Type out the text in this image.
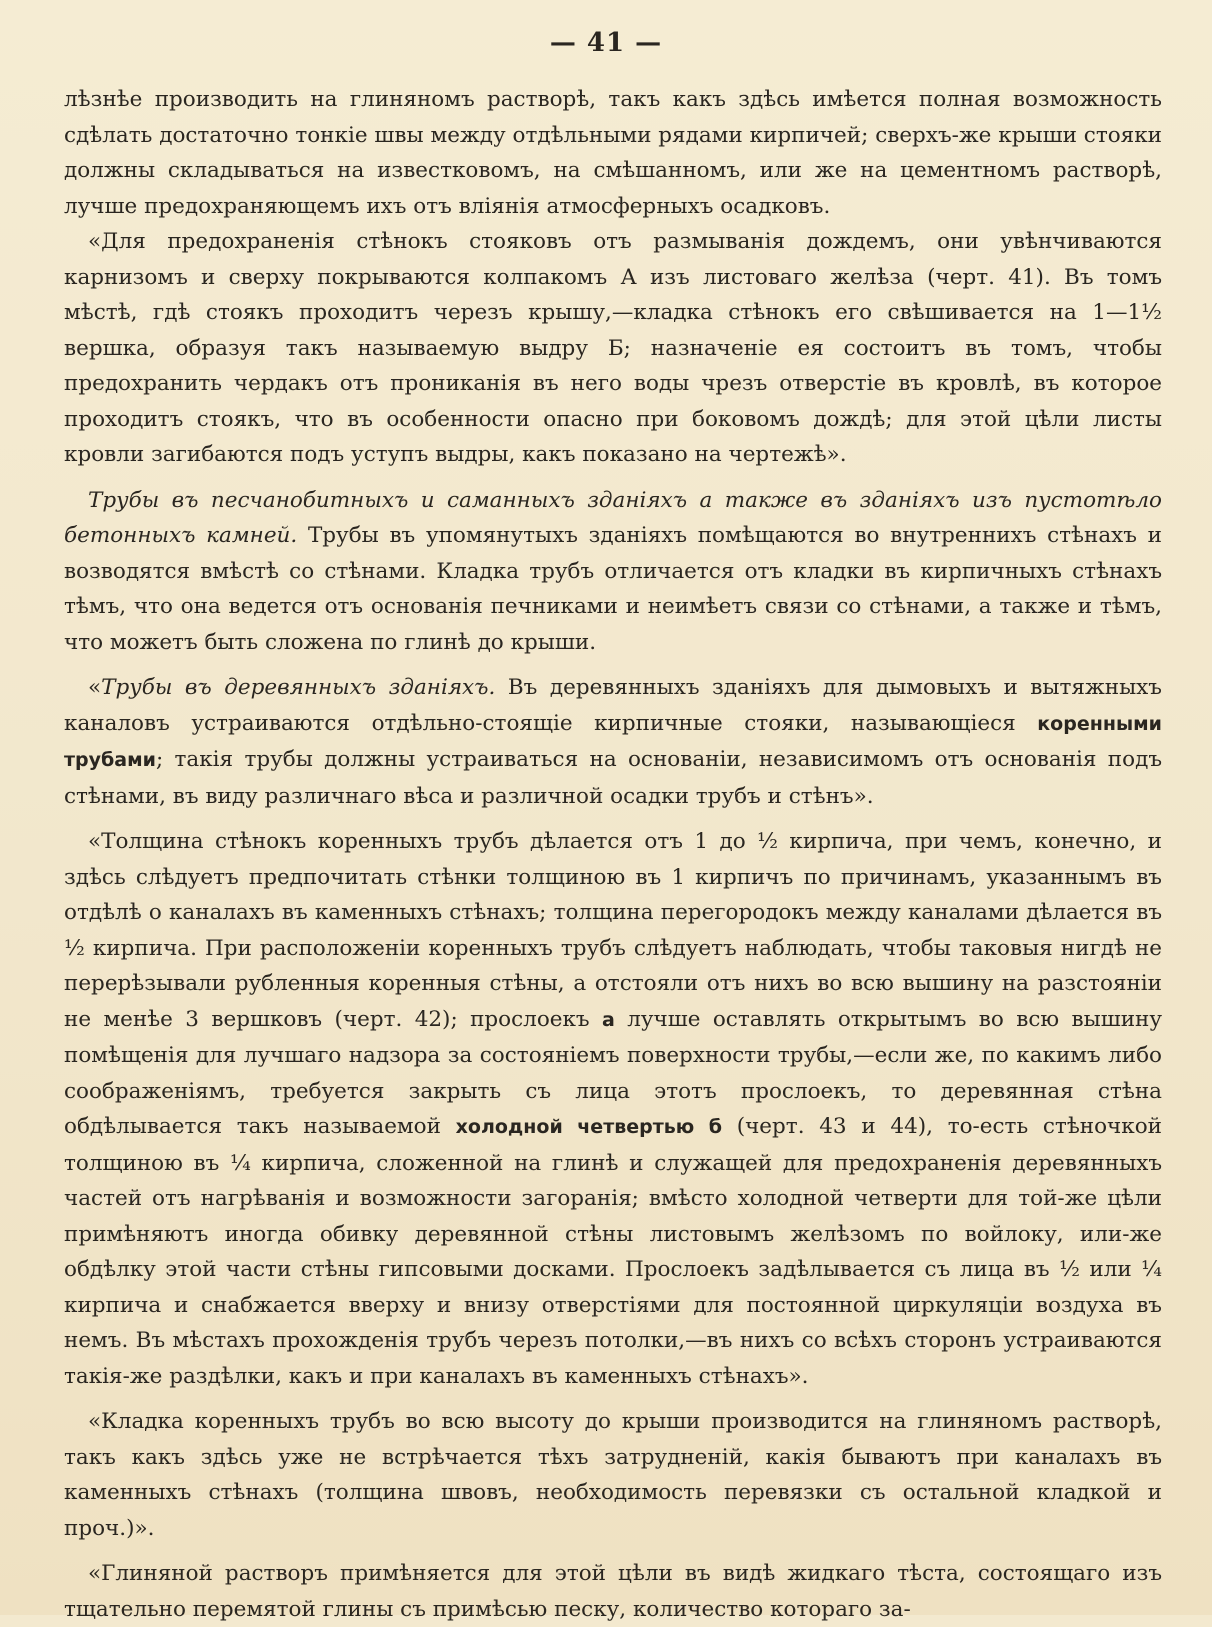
— 41 —

лѣзнѣе производить на глиняномъ растворѣ, такъ какъ здѣсь имѣется полная возможность сдѣлать достаточно тонкіе швы между отдѣльными рядами кирпичей; сверхъ-же крыши стояки должны складываться на известковомъ, на смѣшанномъ, или же на цементномъ растворѣ, лучше предохраняющемъ ихъ отъ вліянія атмосферныхъ осадковъ.

«Для предохраненія стѣнокъ стояковъ отъ размыванія дождемъ, они увѣнчиваются карнизомъ и сверху покрываются колпакомъ А изъ листоваго желѣза (черт. 41). Въ томъ мѣстѣ, гдѣ стоякъ проходитъ черезъ крышу,—кладка стѣнокъ его свѣшивается на 1—1½ вершка, образуя такъ называемую выдру Б; назначеніе ея состоитъ въ томъ, чтобы предохранить чердакъ отъ проникaнія въ него воды чрезъ отверстіе въ кровлѣ, въ которое проходитъ стоякъ, что въ особенности опасно при боковомъ дождѣ; для этой цѣли листы кровли загибаются подъ уступъ выдры, какъ показано на чертежѣ».

Трубы въ песчанобитныхъ и саманныхъ зданіяхъ а также въ зданіяхъ изъ пустотѣло бетонныхъ камней. Трубы въ упомянутыхъ зданіяхъ помѣщаются во внутреннихъ стѣнахъ и возводятся вмѣстѣ со стѣнами. Кладка трубъ отличается отъ кладки въ кирпичныхъ стѣнахъ тѣмъ, что она ведется отъ основанія печниками и неимѣетъ связи со стѣнами, а также и тѣмъ, что можетъ быть сложена по глинѣ до крыши.

«Трубы въ деревянныхъ зданіяхъ. Въ деревянныхъ зданіяхъ для дымовыхъ и вытяжныхъ каналовъ устраиваются отдѣльно-стоящіе кирпичные стояки, называющіеся коренными трубами; такія трубы должны устраиваться на основаніи, независимомъ отъ основанія подъ стѣнами, въ виду различнаго вѣса и различной осадки трубъ и стѣнъ».

«Толщина стѣнокъ коренныхъ трубъ дѣлается отъ 1 до ½ кирпича, при чемъ, конечно, и здѣсь слѣдуетъ предпочитать стѣнки толщиною въ 1 кирпичъ по причинамъ, указаннымъ въ отдѣлѣ о каналахъ въ каменныхъ стѣнахъ; толщина перегородокъ между каналами дѣлается въ ½ кирпича. При расположеніи коренныхъ трубъ слѣдуетъ наблюдать, чтобы таковыя нигдѣ не перерѣзывали рубленныя коренныя стѣны, а отстояли отъ нихъ во всю вышину на разстояніи не менѣе 3 вершковъ (черт. 42); прослоекъ а лучше оставлять открытымъ во всю вышину помѣщенія для лучшаго надзора за состояніемъ поверхности трубы,—если же, по какимъ либо соображеніямъ, требуется закрыть съ лица этотъ прослоекъ, то деревянная стѣна обдѣлывается такъ называемой холодной четвертью б (черт. 43 и 44), то-есть стѣночкой толщиною въ ¼ кирпича, сложенной на глинѣ и служащей для предохраненія деревянныхъ частей отъ нагрѣванія и возможности загоранія; вмѣсто холодной четверти для той-же цѣли примѣняютъ иногда обивку деревянной стѣны листовымъ желѣзомъ по войлоку, или-же обдѣлку этой части стѣны гипсовыми досками. Прослоекъ задѣлывается съ лица въ ½ или ¼ кирпича и снабжается вверху и внизу отверстіями для постоянной циркуляціи воздуха въ немъ. Въ мѣстахъ прохожденія трубъ черезъ потолки,—въ нихъ со всѣхъ сторонъ устраиваются такія-же раздѣлки, какъ и при каналахъ въ каменныхъ стѣнахъ».

«Кладка коренныхъ трубъ во всю высоту до крыши производится на глиняномъ растворѣ, такъ какъ здѣсь уже не встрѣчается тѣхъ затрудненій, какія бываютъ при каналахъ въ каменныхъ стѣнахъ (толщина швовъ, необходимость перевязки съ остальной кладкой и проч.)».

«Глиняной растворъ примѣняется для этой цѣли въ видѣ жидкаго тѣста, состоящаго изъ тщательно перемятой глины съ примѣсью песку, количество котораго за-
